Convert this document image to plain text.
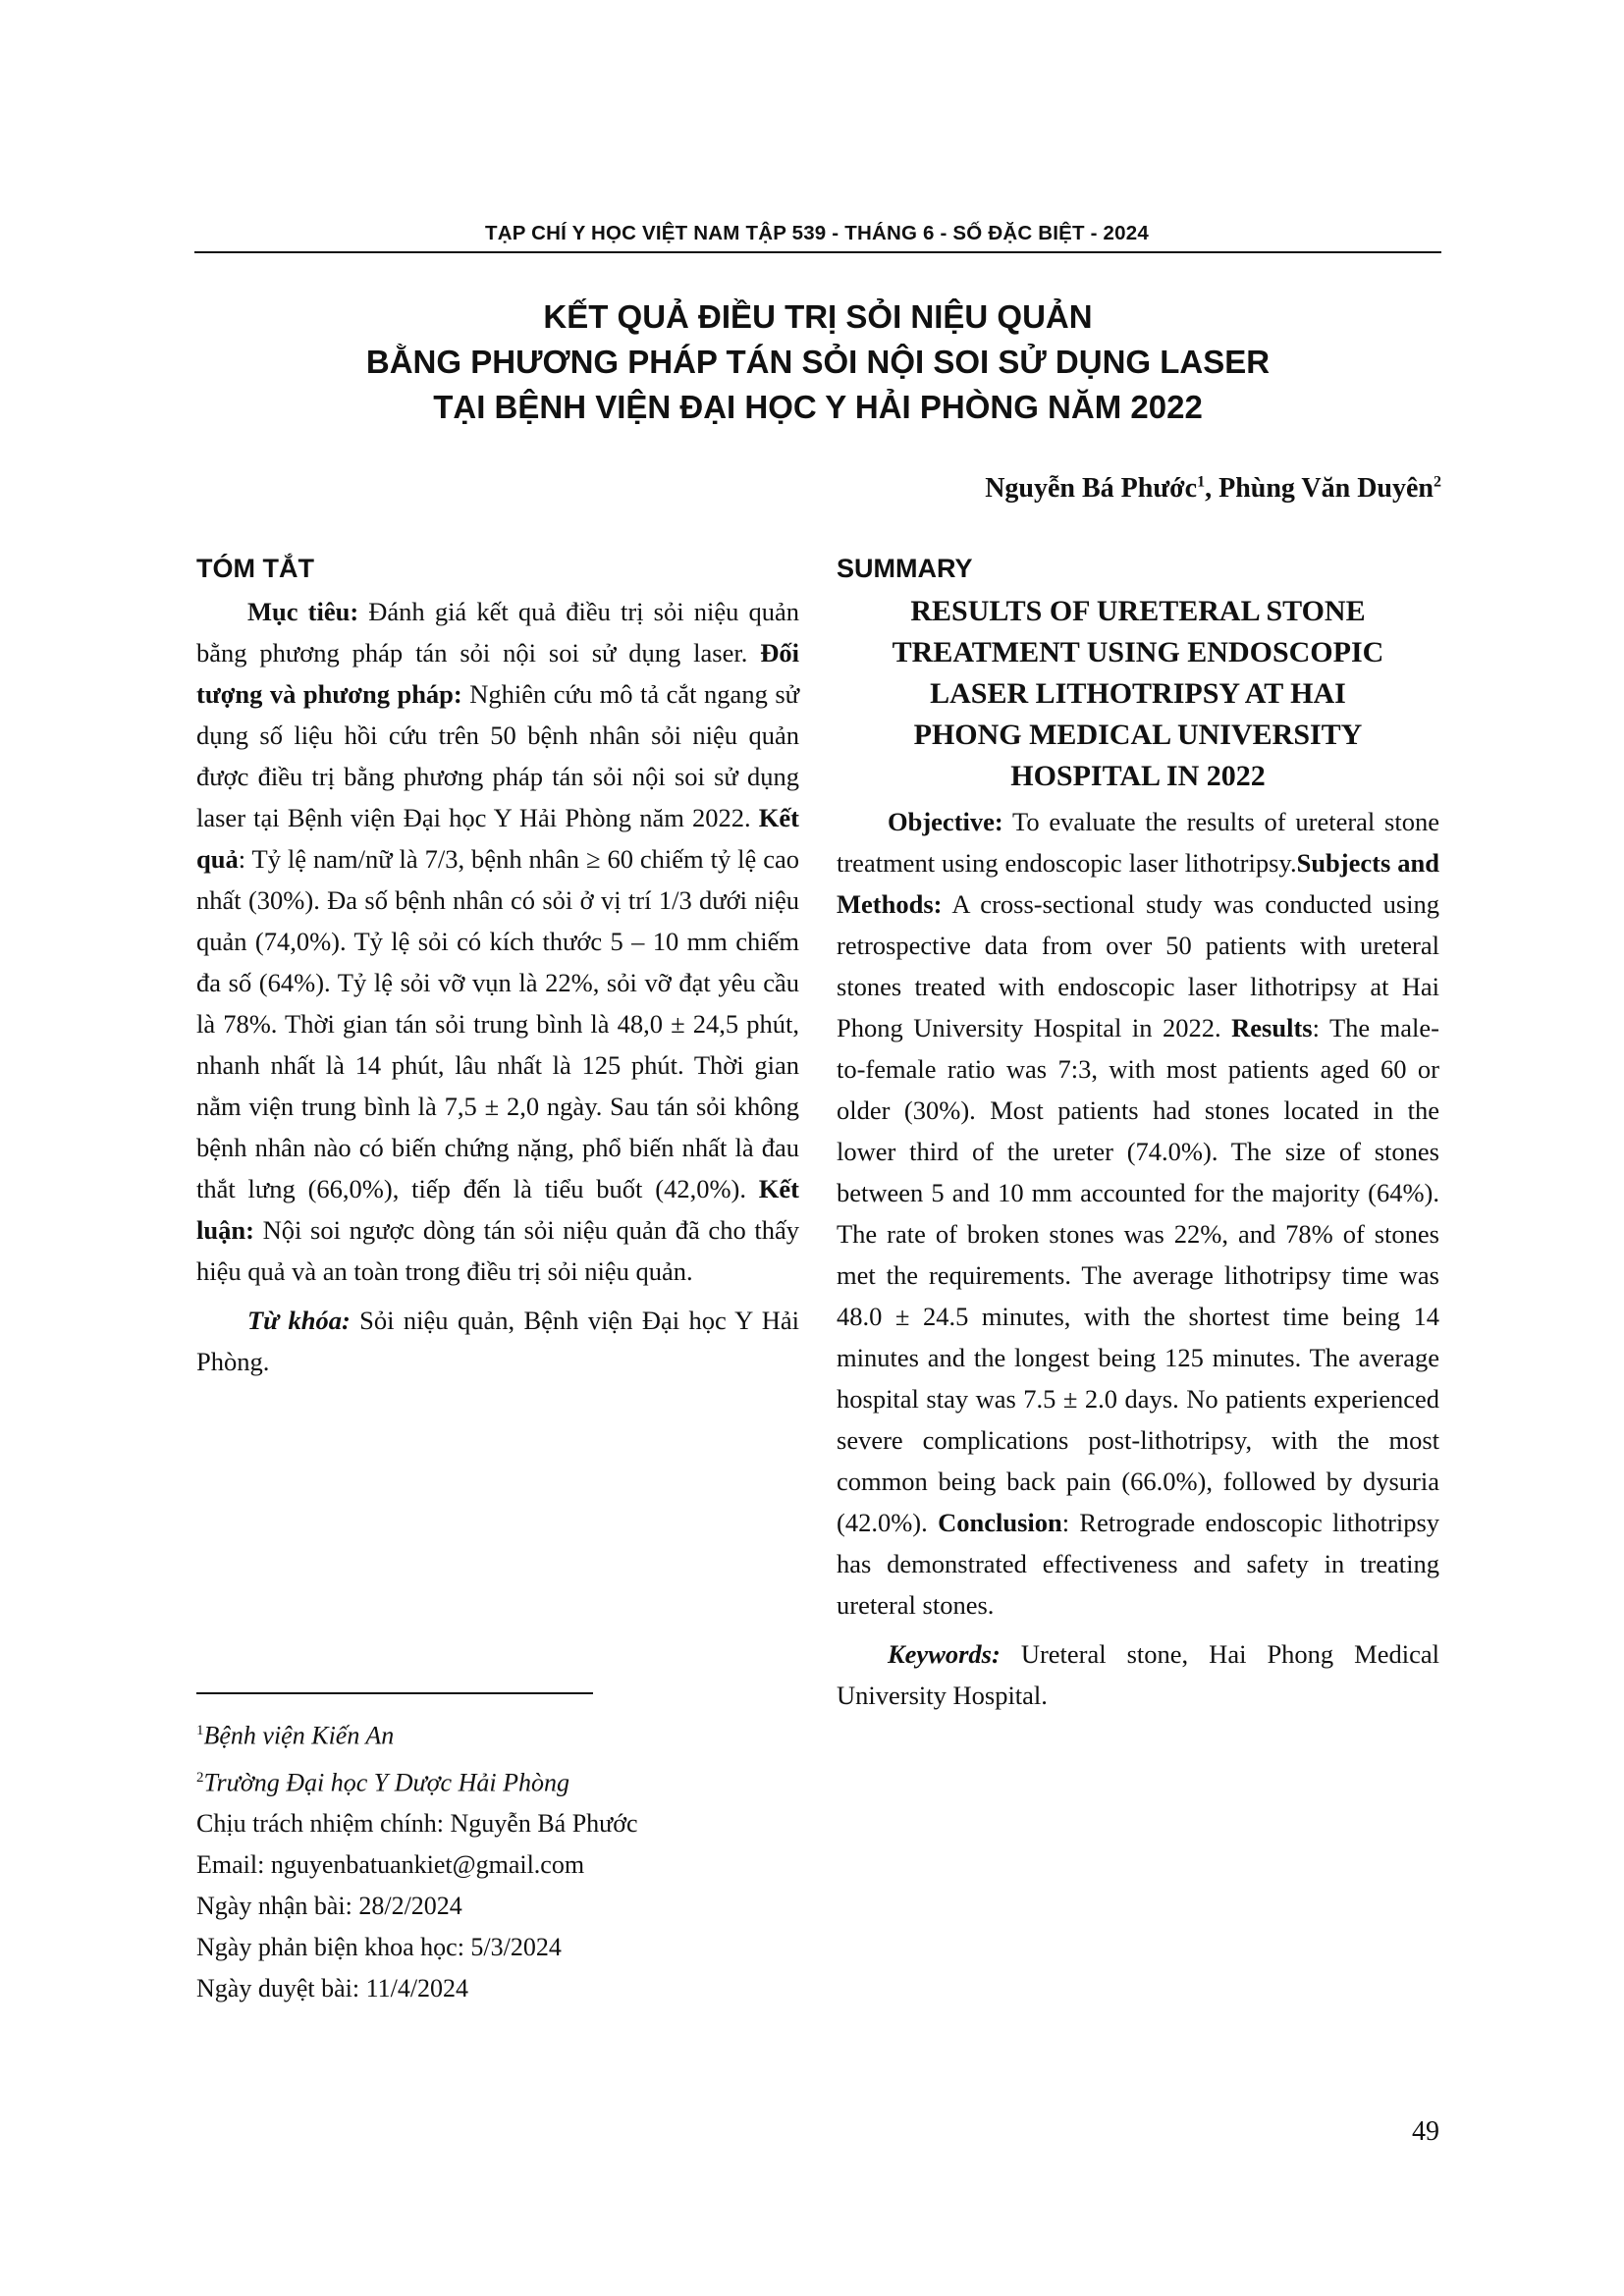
TẠP CHÍ Y HỌC VIỆT NAM TẬP 539 - THÁNG 6 - SỐ ĐẶC BIỆT - 2024
KẾT QUẢ ĐIỀU TRỊ SỎI NIỆU QUẢN
BẰNG PHƯƠNG PHÁP TÁN SỎI NỘI SOI SỬ DỤNG LASER
TẠI BỆNH VIỆN ĐẠI HỌC Y HẢI PHÒNG NĂM 2022
Nguyễn Bá Phước$^1$, Phùng Văn Duyên$^2$
TÓM TẮT

Mục tiêu: Đánh giá kết quả điều trị sỏi niệu quản bằng phương pháp tán sỏi nội soi sử dụng laser. Đối tượng và phương pháp: Nghiên cứu mô tả cắt ngang sử dụng số liệu hồi cứu trên 50 bệnh nhân sỏi niệu quản được điều trị bằng phương pháp tán sỏi nội soi sử dụng laser tại Bệnh viện Đại học Y Hải Phòng năm 2022. Kết quả: Tỷ lệ nam/nữ là 7/3, bệnh nhân ≥ 60 chiếm tỷ lệ cao nhất (30%). Đa số bệnh nhân có sỏi ở vị trí 1/3 dưới niệu quản (74,0%). Tỷ lệ sỏi có kích thước 5 – 10 mm chiếm đa số (64%). Tỷ lệ sỏi vỡ vụn là 22%, sỏi vỡ đạt yêu cầu là 78%. Thời gian tán sỏi trung bình là 48,0 ± 24,5 phút, nhanh nhất là 14 phút, lâu nhất là 125 phút. Thời gian nằm viện trung bình là 7,5 ± 2,0 ngày. Sau tán sỏi không bệnh nhân nào có biến chứng nặng, phổ biến nhất là đau thắt lưng (66,0%), tiếp đến là tiểu buốt (42,0%). Kết luận: Nội soi ngược dòng tán sỏi niệu quản đã cho thấy hiệu quả và an toàn trong điều trị sỏi niệu quản.

Từ khóa: Sỏi niệu quản, Bệnh viện Đại học Y Hải Phòng.

$^1$Bệnh viện Kiến An
$^2$Trường Đại học Y Dược Hải Phòng
Chịu trách nhiệm chính: Nguyễn Bá Phước
Email: nguyenbatuankiet@gmail.com
Ngày nhận bài: 28/2/2024
Ngày phản biện khoa học: 5/3/2024
Ngày duyệt bài: 11/4/2024
SUMMARY
RESULTS OF URETERAL STONE
TREATMENT USING ENDOSCOPIC
LASER LITHOTRIPSY AT HAI
PHONG MEDICAL UNIVERSITY
HOSPITAL IN 2022

Objective: To evaluate the results of ureteral stone treatment using endoscopic laser lithotripsy.Subjects and Methods: A cross-sectional study was conducted using retrospective data from over 50 patients with ureteral stones treated with endoscopic laser lithotripsy at Hai Phong University Hospital in 2022. Results: The male-to-female ratio was 7:3, with most patients aged 60 or older (30%). Most patients had stones located in the lower third of the ureter (74.0%). The size of stones between 5 and 10 mm accounted for the majority (64%). The rate of broken stones was 22%, and 78% of stones met the requirements. The average lithotripsy time was 48.0 ± 24.5 minutes, with the shortest time being 14 minutes and the longest being 125 minutes. The average hospital stay was 7.5 ± 2.0 days. No patients experienced severe complications post-lithotripsy, with the most common being back pain (66.0%), followed by dysuria (42.0%). Conclusion: Retrograde endoscopic lithotripsy has demonstrated effectiveness and safety in treating ureteral stones.

Keywords: Ureteral stone, Hai Phong Medical University Hospital.

49
